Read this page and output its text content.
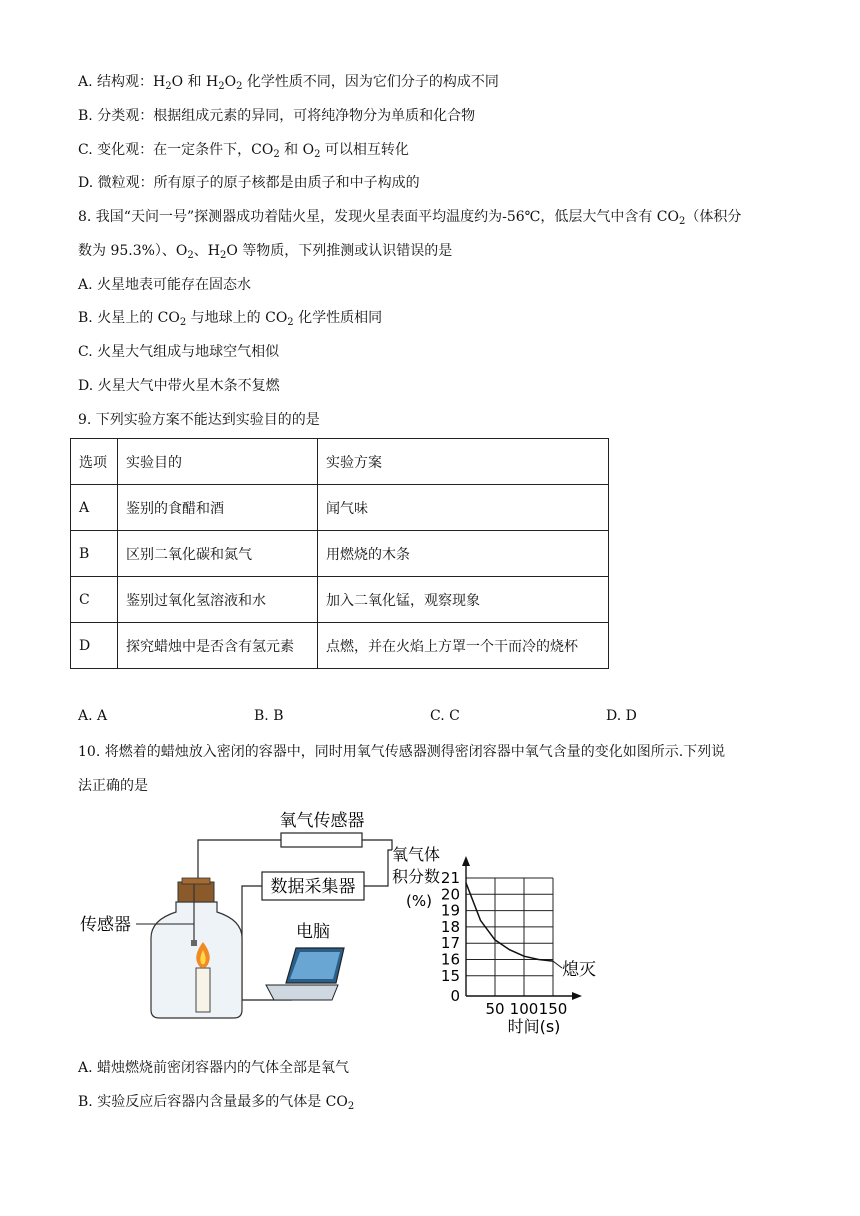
A. 结构观：$H_2O$ 和 $H_2O_2$ 化学性质不同，因为它们分子的构成不同
B. 分类观：根据组成元素的异同，可将纯净物分为单质和化合物
C. 变化观：在一定条件下，$CO_2$ 和 $O_2$ 可以相互转化
D. 微粒观：所有原子的原子核都是由质子和中子构成的
8. 我国“天问一号”探测器成功着陆火星，发现火星表面平均温度约为-56℃，低层大气中含有 $CO_2$（体积分
数为 95.3%）、$O_2$、$H_2O$ 等物质，下列推测或认识错误的是
A. 火星地表可能存在固态水
B. 火星上的 $CO_2$ 与地球上的 $CO_2$ 化学性质相同
C. 火星大气组成与地球空气相似
D. 火星大气中带火星木条不复燃
9. 下列实验方案不能达到实验目的的是
选项	实验目的	实验方案
A	鉴别的食醋和酒	闻气味
B	区别二氧化碳和氮气	用燃烧的木条
C	鉴别过氧化氢溶液和水	加入二氧化锰，观察现象
D	探究蜡烛中是否含有氢元素	点燃，并在火焰上方罩一个干而冷的烧杯
A. A	B. B	C. C	D. D
10. 将燃着的蜡烛放入密闭的容器中，同时用氧气传感器测得密闭容器中氧气含量的变化如图所示.下列说
法正确的是
氧气传感器
数据采集器
电脑
传感器
氧气体
积分数
(%)
21
20
19
18
17
16
15
0
50 100 150
时间(s)
熄灭
A. 蜡烛燃烧前密闭容器内的气体全部是氧气
B. 实验反应后容器内含量最多的气体是 $CO_2$
